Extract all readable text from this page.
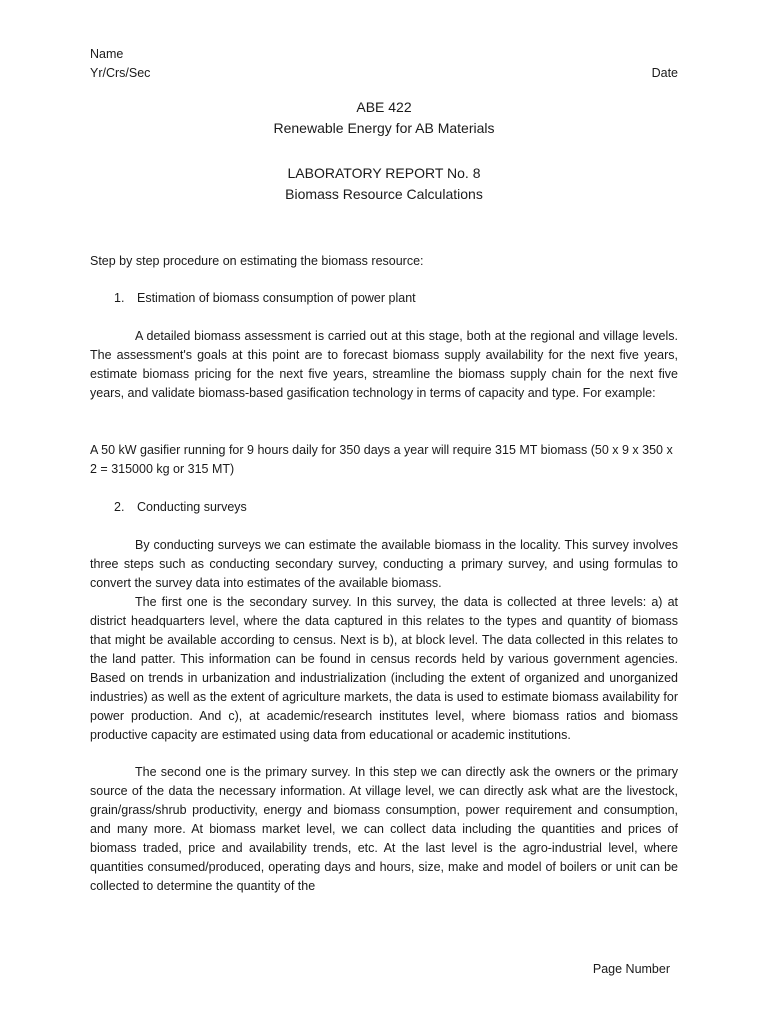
Name
Yr/Crs/Sec	Date
ABE 422
Renewable Energy for AB Materials
LABORATORY REPORT No. 8
Biomass Resource Calculations
Step by step procedure on estimating the biomass resource:
1. Estimation of biomass consumption of power plant
A detailed biomass assessment is carried out at this stage, both at the regional and village levels. The assessment's goals at this point are to forecast biomass supply availability for the next five years, estimate biomass pricing for the next five years, streamline the biomass supply chain for the next five years, and validate biomass-based gasification technology in terms of capacity and type. For example:
A 50 kW gasifier running for 9 hours daily for 350 days a year will require 315 MT biomass (50 x 9 x 350 x 2 = 315000 kg or 315 MT)
2. Conducting surveys
By conducting surveys we can estimate the available biomass in the locality. This survey involves three steps such as conducting secondary survey, conducting a primary survey, and using formulas to convert the survey data into estimates of the available biomass.
The first one is the secondary survey. In this survey, the data is collected at three levels: a) at district headquarters level, where the data captured in this relates to the types and quantity of biomass that might be available according to census. Next is b), at block level. The data collected in this relates to the land patter. This information can be found in census records held by various government agencies. Based on trends in urbanization and industrialization (including the extent of organized and unorganized industries) as well as the extent of agriculture markets, the data is used to estimate biomass availability for power production. And c), at academic/research institutes level, where biomass ratios and biomass productive capacity are estimated using data from educational or academic institutions.
The second one is the primary survey. In this step we can directly ask the owners or the primary source of the data the necessary information. At village level, we can directly ask what are the livestock, grain/grass/shrub productivity, energy and biomass consumption, power requirement and consumption, and many more. At biomass market level, we can collect data including the quantities and prices of biomass traded, price and availability trends, etc. At the last level is the agro-industrial level, where quantities consumed/produced, operating days and hours, size, make and model of boilers or unit can be collected to determine the quantity of the
Page Number
